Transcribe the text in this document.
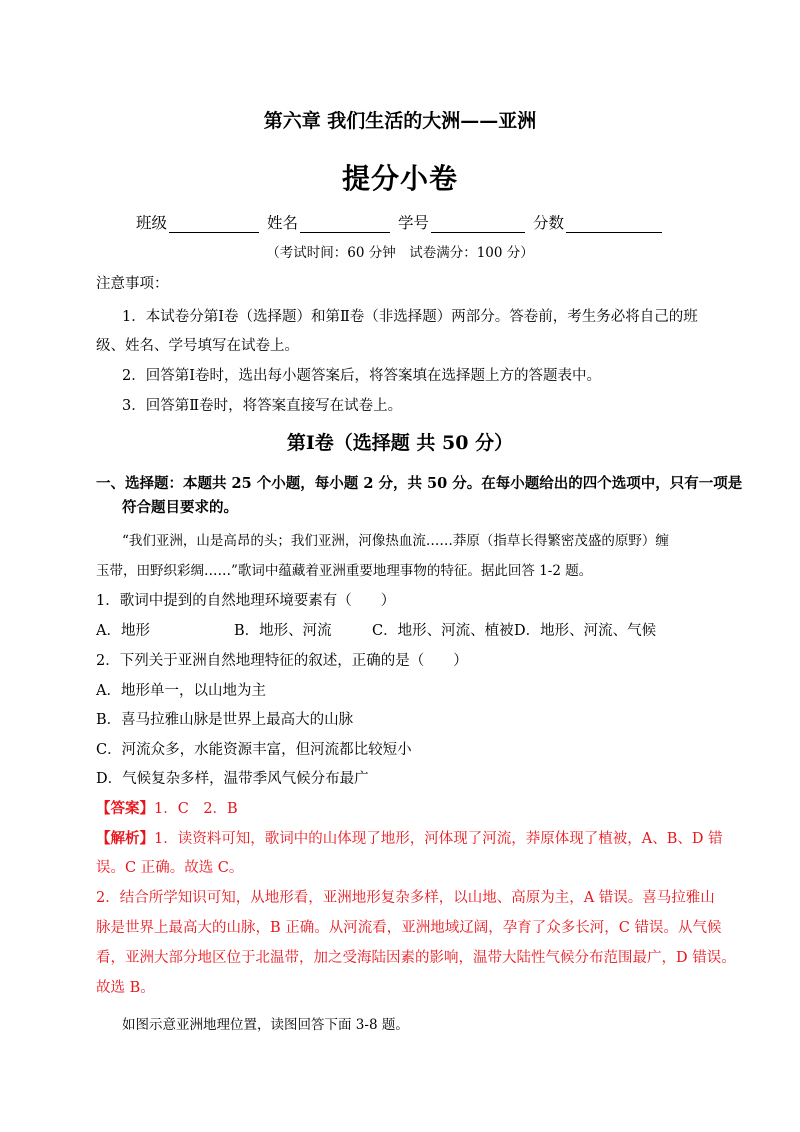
第六章 我们生活的大洲——亚洲
提分小卷
班级	姓名	学号	分数
（考试时间：60 分钟　试卷满分：100 分）
注意事项：
1．本试卷分第Ⅰ卷（选择题）和第Ⅱ卷（非选择题）两部分。答卷前，考生务必将自己的班
级、姓名、学号填写在试卷上。
2．回答第Ⅰ卷时，选出每小题答案后，将答案填在选择题上方的答题表中。
3．回答第Ⅱ卷时，将答案直接写在试卷上。
第Ⅰ卷（选择题 共 50 分）
一、选择题：本题共 25 个小题，每小题 2 分，共 50 分。在每小题给出的四个选项中，只有一项是
符合题目要求的。
“我们亚洲，山是高昂的头；我们亚洲，河像热血流……莽原（指草长得繁密茂盛的原野）缠
玉带，田野织彩绸……”歌词中蕴藏着亚洲重要地理事物的特征。据此回答 1-2 题。
1．歌词中提到的自然地理环境要素有（　　）
A．地形	B．地形、河流	C．地形、河流、植被 D．地形、河流、气候
2．下列关于亚洲自然地理特征的叙述，正确的是（　　）
A．地形单一，以山地为主
B．喜马拉雅山脉是世界上最高大的山脉
C．河流众多，水能资源丰富，但河流都比较短小
D．气候复杂多样，温带季风气候分布最广
【答案】1．C　2．B
【解析】1．读资料可知，歌词中的山体现了地形，河体现了河流，莽原体现了植被，A、B、D 错
误。C 正确。故选 C。
2．结合所学知识可知，从地形看，亚洲地形复杂多样，以山地、高原为主，A 错误。喜马拉雅山
脉是世界上最高大的山脉，B 正确。从河流看，亚洲地域辽阔，孕育了众多长河，C 错误。从气候
看，亚洲大部分地区位于北温带，加之受海陆因素的影响，温带大陆性气候分布范围最广，D 错误。
故选 B。
如图示意亚洲地理位置，读图回答下面 3-8 题。
